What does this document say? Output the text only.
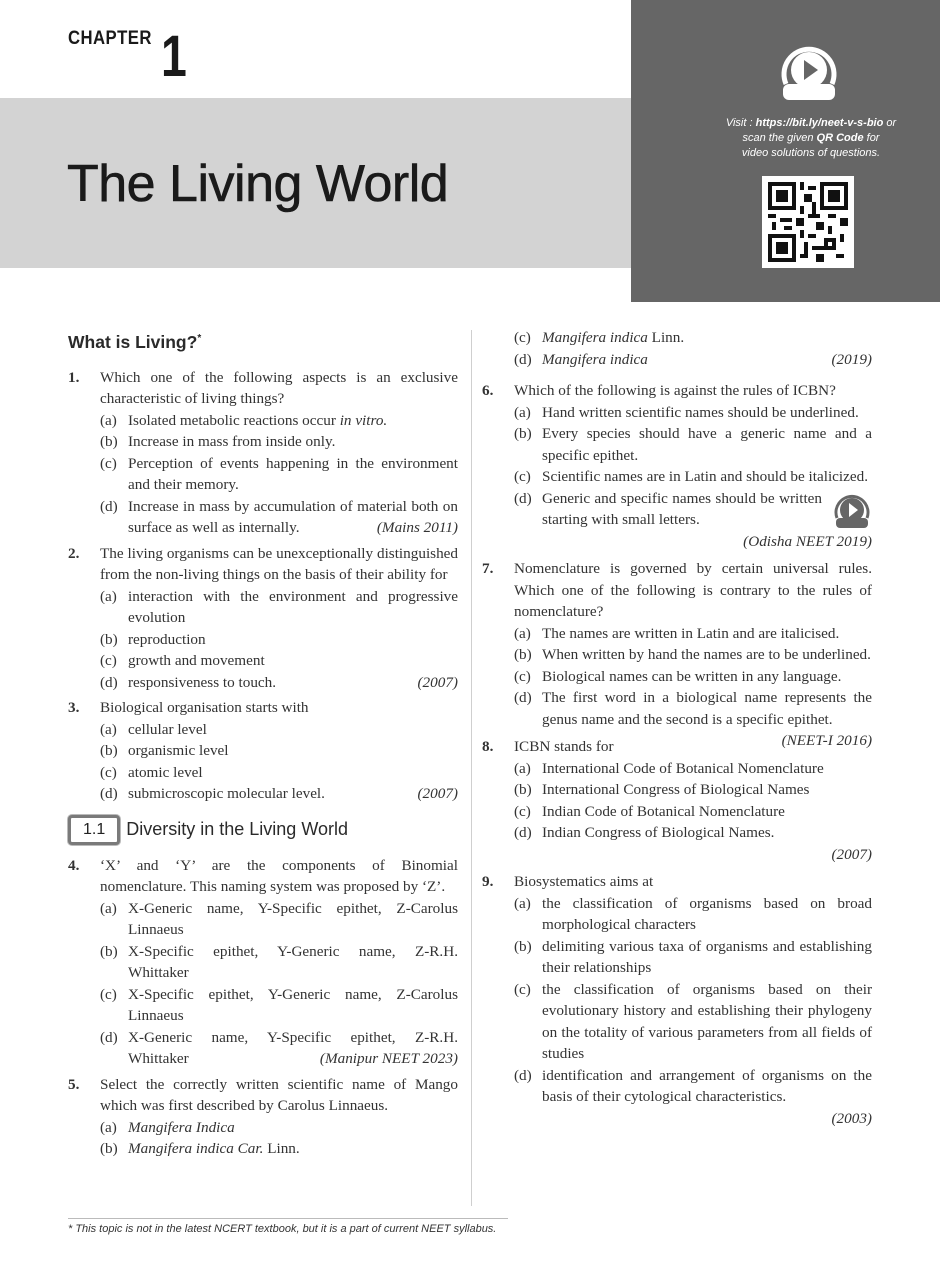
CHAPTER 1
The Living World
Visit : https://bit.ly/neet-v-s-bio or
scan the given QR Code for
video solutions of questions.
What is Living?*
1. Which one of the following aspects is an exclusive characteristic of living things?
(a) Isolated metabolic reactions occur in vitro.
(b) Increase in mass from inside only.
(c) Perception of events happening in the environment and their memory.
(d) Increase in mass by accumulation of material both on surface as well as internally.	(Mains 2011)
2. The living organisms can be unexceptionally distinguished from the non-living things on the basis of their ability for
(a) interaction with the environment and progressive evolution
(b) reproduction
(c) growth and movement
(d) responsiveness to touch.	(2007)
3. Biological organisation starts with
(a) cellular level
(b) organismic level
(c) atomic level
(d) submicroscopic molecular level.	(2007)
1.1	Diversity in the Living World
4. ‘X’ and ‘Y’ are the components of Binomial nomenclature. This naming system was proposed by ‘Z’.
(a) X-Generic name, Y-Specific epithet, Z-Carolus Linnaeus
(b) X-Specific epithet, Y-Generic name, Z-R.H. Whittaker
(c) X-Specific epithet, Y-Generic name, Z-Carolus Linnaeus
(d) X-Generic name, Y-Specific epithet, Z-R.H. Whittaker	(Manipur NEET 2023)
5. Select the correctly written scientific name of Mango which was first described by Carolus Linnaeus.
(a) Mangifera Indica
(b) Mangifera indica Car. Linn.
(c) Mangifera indica Linn.
(d) Mangifera indica	(2019)
6. Which of the following is against the rules of ICBN?
(a) Hand written scientific names should be underlined.
(b) Every species should have a generic name and a specific epithet.
(c) Scientific names are in Latin and should be italicized.
(d) Generic and specific names should be written starting with small letters.
(Odisha NEET 2019)
7. Nomenclature is governed by certain universal rules. Which one of the following is contrary to the rules of nomenclature?
(a) The names are written in Latin and are italicised.
(b) When written by hand the names are to be underlined.
(c) Biological names can be written in any language.
(d) The first word in a biological name represents the genus name and the second is a specific epithet.
(NEET-I 2016)
8. ICBN stands for
(a) International Code of Botanical Nomenclature
(b) International Congress of Biological Names
(c) Indian Code of Botanical Nomenclature
(d) Indian Congress of Biological Names.
(2007)
9. Biosystematics aims at
(a) the classification of organisms based on broad morphological characters
(b) delimiting various taxa of organisms and establishing their relationships
(c) the classification of organisms based on their evolutionary history and establishing their phylogeny on the totality of various parameters from all fields of studies
(d) identification and arrangement of organisms on the basis of their cytological characteristics.
(2003)
* This topic is not in the latest NCERT textbook, but it is a part of current NEET syllabus.
